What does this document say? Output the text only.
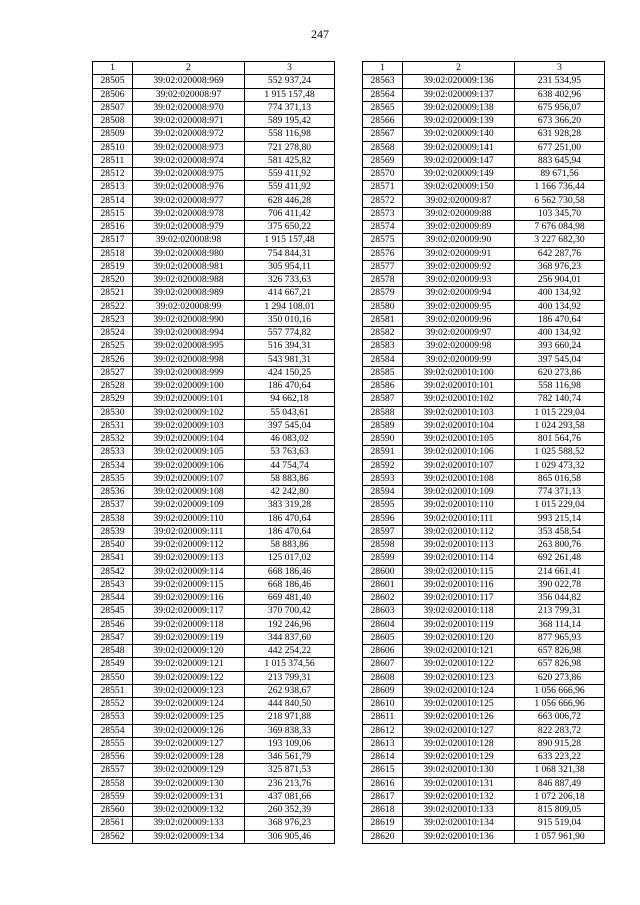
247
1	2	3
28505	39:02:020008:969	552 937,24
28506	39:02:020008:97	1 915 157,48
28507	39:02:020008:970	774 371,13
28508	39:02:020008:971	589 195,42
28509	39:02:020008:972	558 116,98
28510	39:02:020008:973	721 278,80
28511	39:02:020008:974	581 425,82
28512	39:02:020008:975	559 411,92
28513	39:02:020008:976	559 411,92
28514	39:02:020008:977	628 446,28
28515	39:02:020008:978	706 411,42
28516	39:02:020008:979	375 650,22
28517	39:02:020008:98	1 915 157,48
28518	39:02:020008:980	754 844,31
28519	39:02:020008:981	305 954,11
28520	39:02:020008:988	326 733,63
28521	39:02:020008:989	414 667,21
28522	39:02:020008:99	1 294 108,01
28523	39:02:020008:990	350 010,16
28524	39:02:020008:994	557 774,82
28525	39:02:020008:995	516 394,31
28526	39:02:020008:998	543 981,31
28527	39:02:020008:999	424 150,25
28528	39:02:020009:100	186 470,64
28529	39:02:020009:101	94 662,18
28530	39:02:020009:102	55 043,61
28531	39:02:020009:103	397 545,04
28532	39:02:020009:104	46 083,02
28533	39:02:020009:105	53 763,63
28534	39:02:020009:106	44 754,74
28535	39:02:020009:107	58 883,86
28536	39:02:020009:108	42 242,80
28537	39:02:020009:109	383 319,28
28538	39:02:020009:110	186 470,64
28539	39:02:020009:111	186 470,64
28540	39:02:020009:112	58 883,86
28541	39:02:020009:113	125 017,02
28542	39:02:020009:114	668 186,46
28543	39:02:020009:115	668 186,46
28544	39:02:020009:116	669 481,40
28545	39:02:020009:117	370 700,42
28546	39:02:020009:118	192 246,96
28547	39:02:020009:119	344 837,60
28548	39:02:020009:120	442 254,22
28549	39:02:020009:121	1 015 374,56
28550	39:02:020009:122	213 799,31
28551	39:02:020009:123	262 938,67
28552	39:02:020009:124	444 840,50
28553	39:02:020009:125	218 971,88
28554	39:02:020009:126	369 838,33
28555	39:02:020009:127	193 109,06
28556	39:02:020009:128	346 561,79
28557	39:02:020009:129	325 871,53
28558	39:02:020009:130	236 213,76
28559	39:02:020009:131	437 081,66
28560	39:02:020009:132	260 352,39
28561	39:02:020009:133	368 976,23
28562	39:02:020009:134	306 905,46
1	2	3
28563	39:02:020009:136	231 534,95
28564	39:02:020009:137	638 402,96
28565	39:02:020009:138	675 956,07
28566	39:02:020009:139	673 366,20
28567	39:02:020009:140	631 928,28
28568	39:02:020009:141	677 251,00
28569	39:02:020009:147	883 645,94
28570	39:02:020009:149	89 671,56
28571	39:02:020009:150	1 166 736,44
28572	39:02:020009:87	6 562 730,58
28573	39:02:020009:88	103 345,70
28574	39:02:020009:89	7 676 084,98
28575	39:02:020009:90	3 227 682,30
28576	39:02:020009:91	642 287,76
28577	39:02:020009:92	368 976,23
28578	39:02:020009:93	256 904,01
28579	39:02:020009:94	400 134,92
28580	39:02:020009:95	400 134,92
28581	39:02:020009:96	186 470,64
28582	39:02:020009:97	400 134,92
28583	39:02:020009:98	393 660,24
28584	39:02:020009:99	397 545,04
28585	39:02:020010:100	620 273,86
28586	39:02:020010:101	558 116,98
28587	39:02:020010:102	782 140,74
28588	39:02:020010:103	1 015 229,04
28589	39:02:020010:104	1 024 293,58
28590	39:02:020010:105	801 564,76
28591	39:02:020010:106	1 025 588,52
28592	39:02:020010:107	1 029 473,32
28593	39:02:020010:108	865 016,58
28594	39:02:020010:109	774 371,13
28595	39:02:020010:110	1 015 229,04
28596	39:02:020010:111	993 215,14
28597	39:02:020010:112	353 458,54
28598	39:02:020010:113	263 800,76
28599	39:02:020010:114	692 261,48
28600	39:02:020010:115	214 661,41
28601	39:02:020010:116	390 022,78
28602	39:02:020010:117	356 044,82
28603	39:02:020010:118	213 799,31
28604	39:02:020010:119	368 114,14
28605	39:02:020010:120	877 965,93
28606	39:02:020010:121	657 826,98
28607	39:02:020010:122	657 826,98
28608	39:02:020010:123	620 273,86
28609	39:02:020010:124	1 056 666,96
28610	39:02:020010:125	1 056 666,96
28611	39:02:020010:126	663 006,72
28612	39:02:020010:127	822 283,72
28613	39:02:020010:128	890 915,28
28614	39:02:020010:129	633 223,22
28615	39:02:020010:130	1 068 321,38
28616	39:02:020010:131	846 887,49
28617	39:02:020010:132	1 072 206,18
28618	39:02:020010:133	815 809,05
28619	39:02:020010:134	915 519,04
28620	39:02:020010:136	1 057 961,90
